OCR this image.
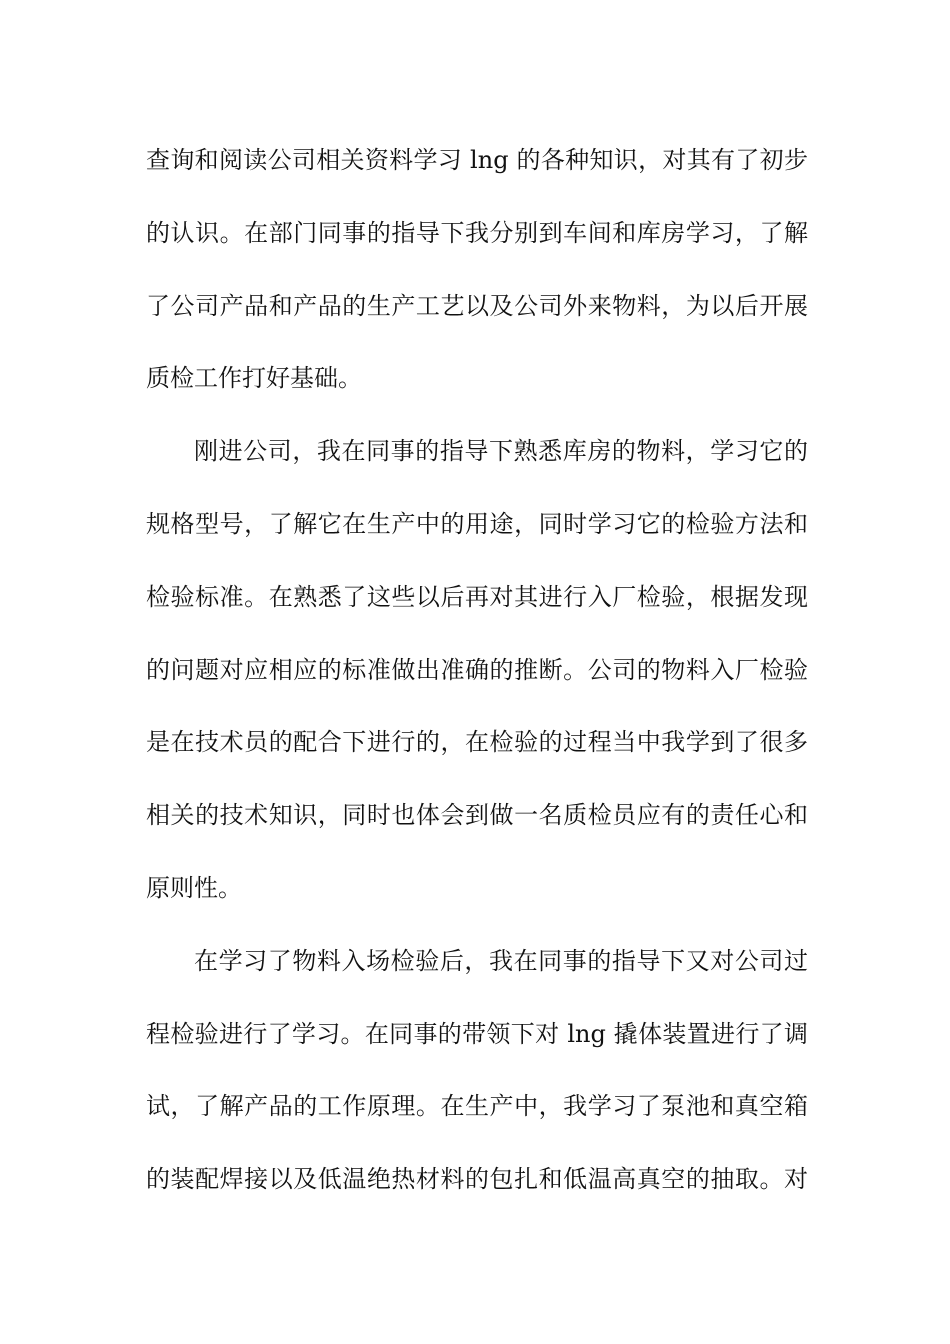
查询和阅读公司相关资料学习 lng 的各种知识，对其有了初步
的认识。在部门同事的指导下我分别到车间和库房学习，了解
了公司产品和产品的生产工艺以及公司外来物料，为以后开展
质检工作打好基础。
刚进公司，我在同事的指导下熟悉库房的物料，学习它的
规格型号，了解它在生产中的用途，同时学习它的检验方法和
检验标准。在熟悉了这些以后再对其进行入厂检验，根据发现
的问题对应相应的标准做出准确的推断。公司的物料入厂检验
是在技术员的配合下进行的，在检验的过程当中我学到了很多
相关的技术知识，同时也体会到做一名质检员应有的责任心和
原则性。
在学习了物料入场检验后，我在同事的指导下又对公司过
程检验进行了学习。在同事的带领下对 lng 撬体装置进行了调
试，了解产品的工作原理。在生产中，我学习了泵池和真空箱
的装配焊接以及低温绝热材料的包扎和低温高真空的抽取。对
